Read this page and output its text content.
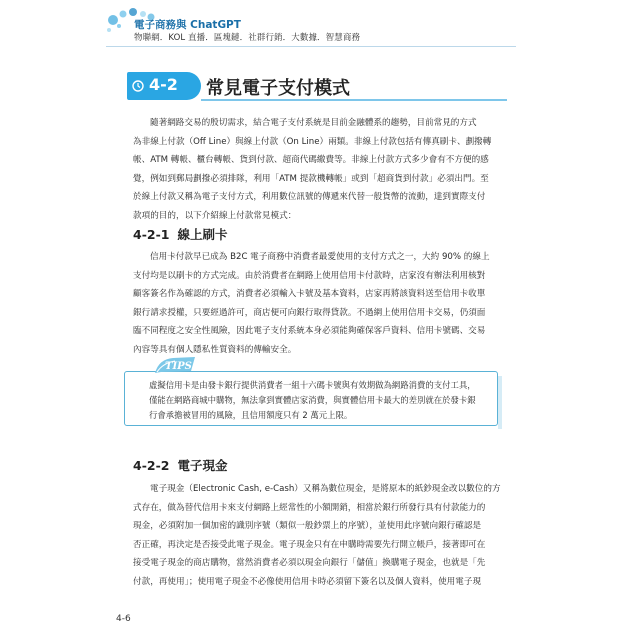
電子商務與 ChatGPT
物聯網．KOL 直播．區塊鏈．社群行銷．大數據．智慧商務
4-2 常見電子支付模式
隨著網路交易的殷切需求，結合電子支付系統是目前金融體系的趨勢，目前常見的方式
為非線上付款（Off Line）與線上付款（On Line）兩類。非線上付款包括有傳真刷卡、劃撥轉
帳、ATM 轉帳、櫃台轉帳、貨到付款、超商代碼繳費等。非線上付款方式多少會有不方便的感
覺，例如到郵局劃撥必須排隊，利用「ATM 提款機轉帳」或到「超商貨到付款」必須出門。至
於線上付款又稱為電子支付方式，利用數位訊號的傳遞來代替一般貨幣的流動，達到實際支付
款項的目的，以下介紹線上付款常見模式：
4-2-1 線上刷卡
信用卡付款早已成為 B2C 電子商務中消費者最愛使用的支付方式之一，大約 90% 的線上
支付均是以刷卡的方式完成。由於消費者在網路上使用信用卡付款時，店家沒有辦法利用核對
顧客簽名作為確認的方式，消費者必須輸入卡號及基本資料，店家再將該資料送至信用卡收單
銀行請求授權，只要經過許可，商店便可向銀行取得貸款。不過網上使用信用卡交易，仍須面
臨不同程度之安全性風險，因此電子支付系統本身必須能夠確保客戶資料、信用卡號碼、交易
內容等具有個人隱私性質資料的傳輸安全。
TIPS
虛擬信用卡是由發卡銀行提供消費者一組十六碼卡號與有效期做為網路消費的支付工具，
僅能在網路商城中購物，無法拿到實體店家消費，與實體信用卡最大的差別就在於發卡銀
行會承擔被冒用的風險，且信用額度只有 2 萬元上限。
4-2-2 電子現金
電子現金（Electronic Cash, e-Cash）又稱為數位現金，是將原本的紙鈔現金改以數位的方
式存在，做為替代信用卡來支付網路上經常性的小額開銷，相當於銀行所發行具有付款能力的
現金，必須附加一個加密的識別序號（類似一般鈔票上的序號），並使用此序號向銀行確認是
否正確，再決定是否接受此電子現金。電子現金只有在申購時需要先行開立帳戶，接著即可在
接受電子現金的商店購物，當然消費者必須以現金向銀行「儲值」換購電子現金，也就是「先
付款，再使用」；使用電子現金不必像使用信用卡時必須留下簽名以及個人資料，使用電子現
4-6
